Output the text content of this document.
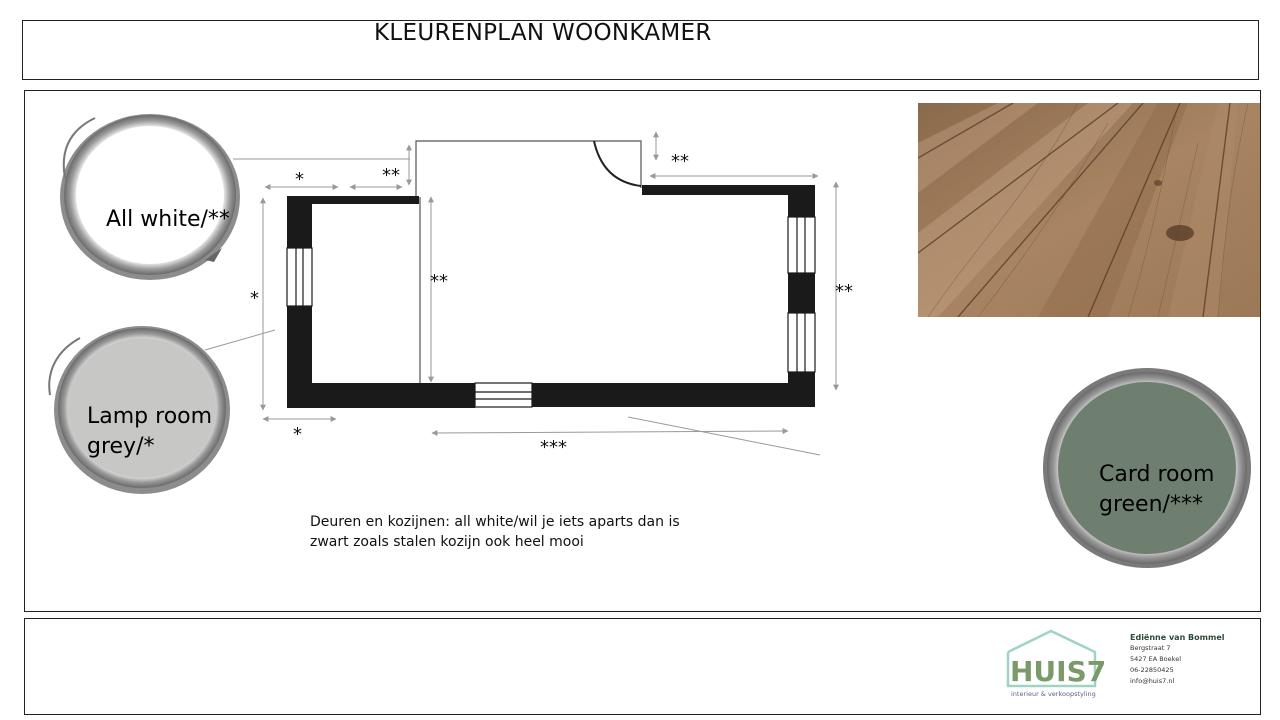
KLEURENPLAN WOONKAMER
*	**
**
**
**
*
*
***
HUIS7
interieur & verkoopstyling
All white/**
Lamp room
grey/*
Card room
green/***
Deuren en kozijnen: all white/wil je iets aparts dan is
zwart zoals stalen kozijn ook heel mooi
Ediënne van Bommel
Bergstraat 7
5427 EA Boekel
06-22850425
info@huis7.nl
